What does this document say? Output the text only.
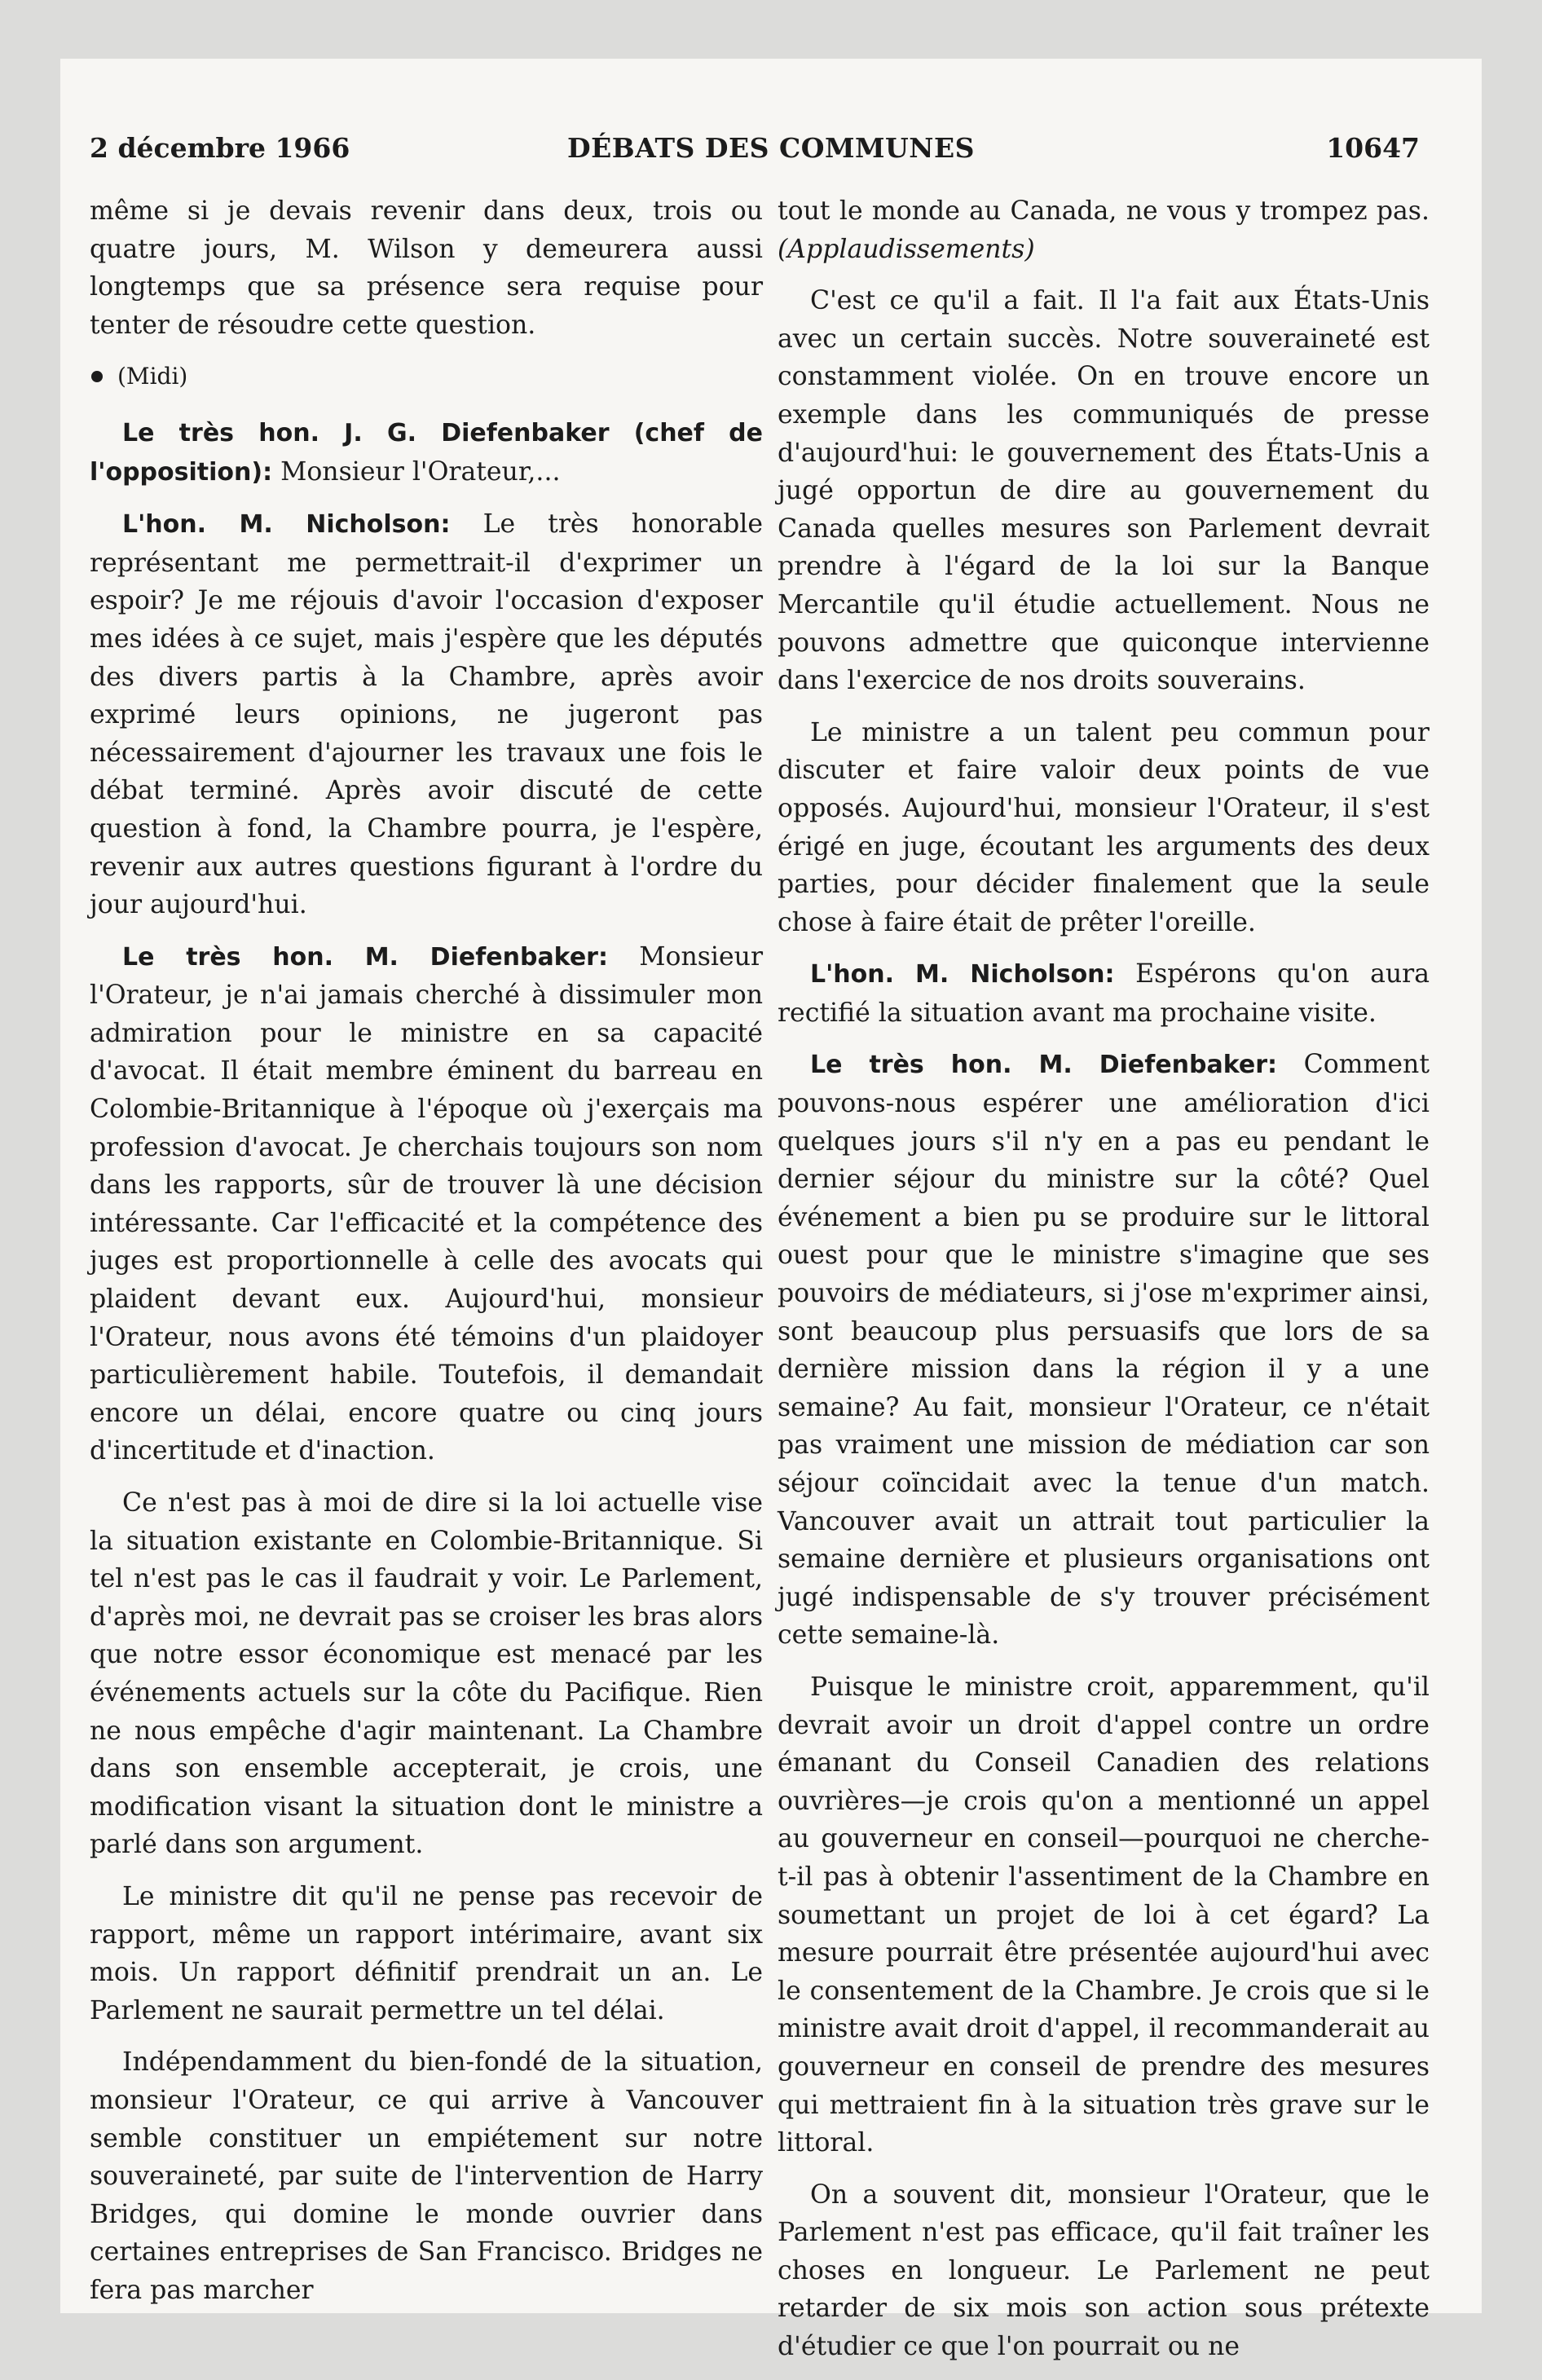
DÉBATS DES COMMUNES
2 décembre 1966	10647

même si je devais revenir dans deux, trois ou quatre jours, M. Wilson y demeurera aussi longtemps que sa présence sera requise pour tenter de résoudre cette question.

(Midi)

Le très hon. J. G. Diefenbaker (chef de l'opposition): Monsieur l'Orateur,...

L'hon. M. Nicholson: Le très honorable représentant me permettrait-il d'exprimer un espoir? Je me réjouis d'avoir l'occasion d'exposer mes idées à ce sujet, mais j'espère que les députés des divers partis à la Chambre, après avoir exprimé leurs opinions, ne jugeront pas nécessairement d'ajourner les travaux une fois le débat terminé. Après avoir discuté de cette question à fond, la Chambre pourra, je l'espère, revenir aux autres questions figurant à l'ordre du jour aujourd'hui.

Le très hon. M. Diefenbaker: Monsieur l'Orateur, je n'ai jamais cherché à dissimuler mon admiration pour le ministre en sa capacité d'avocat. Il était membre éminent du barreau en Colombie-Britannique à l'époque où j'exerçais ma profession d'avocat. Je cherchais toujours son nom dans les rapports, sûr de trouver là une décision intéressante. Car l'efficacité et la compétence des juges est proportionnelle à celle des avocats qui plaident devant eux. Aujourd'hui, monsieur l'Orateur, nous avons été témoins d'un plaidoyer particulièrement habile. Toutefois, il demandait encore un délai, encore quatre ou cinq jours d'incertitude et d'inaction.

Ce n'est pas à moi de dire si la loi actuelle vise la situation existante en Colombie-Britannique. Si tel n'est pas le cas il faudrait y voir. Le Parlement, d'après moi, ne devrait pas se croiser les bras alors que notre essor économique est menacé par les événements actuels sur la côte du Pacifique. Rien ne nous empêche d'agir maintenant. La Chambre dans son ensemble accepterait, je crois, une modification visant la situation dont le ministre a parlé dans son argument.

Le ministre dit qu'il ne pense pas recevoir de rapport, même un rapport intérimaire, avant six mois. Un rapport définitif prendrait un an. Le Parlement ne saurait permettre un tel délai.

Indépendamment du bien-fondé de la situation, monsieur l'Orateur, ce qui arrive à Vancouver semble constituer un empiétement sur notre souveraineté, par suite de l'intervention de Harry Bridges, qui domine le monde ouvrier dans certaines entreprises de San Francisco. Bridges ne fera pas marcher

tout le monde au Canada, ne vous y trompez pas. (Applaudissements)

C'est ce qu'il a fait. Il l'a fait aux États-Unis avec un certain succès. Notre souveraineté est constamment violée. On en trouve encore un exemple dans les communiqués de presse d'aujourd'hui: le gouvernement des États-Unis a jugé opportun de dire au gouvernement du Canada quelles mesures son Parlement devrait prendre à l'égard de la loi sur la Banque Mercantile qu'il étudie actuellement. Nous ne pouvons admettre que quiconque intervienne dans l'exercice de nos droits souverains.

Le ministre a un talent peu commun pour discuter et faire valoir deux points de vue opposés. Aujourd'hui, monsieur l'Orateur, il s'est érigé en juge, écoutant les arguments des deux parties, pour décider finalement que la seule chose à faire était de prêter l'oreille.

L'hon. M. Nicholson: Espérons qu'on aura rectifié la situation avant ma prochaine visite.

Le très hon. M. Diefenbaker: Comment pouvons-nous espérer une amélioration d'ici quelques jours s'il n'y en a pas eu pendant le dernier séjour du ministre sur la côté? Quel événement a bien pu se produire sur le littoral ouest pour que le ministre s'imagine que ses pouvoirs de médiateurs, si j'ose m'exprimer ainsi, sont beaucoup plus persuasifs que lors de sa dernière mission dans la région il y a une semaine? Au fait, monsieur l'Orateur, ce n'était pas vraiment une mission de médiation car son séjour coïncidait avec la tenue d'un match. Vancouver avait un attrait tout particulier la semaine dernière et plusieurs organisations ont jugé indispensable de s'y trouver précisément cette semaine-là.

Puisque le ministre croit, apparemment, qu'il devrait avoir un droit d'appel contre un ordre émanant du Conseil Canadien des relations ouvrières—je crois qu'on a mentionné un appel au gouverneur en conseil—pourquoi ne cherche-t-il pas à obtenir l'assentiment de la Chambre en soumettant un projet de loi à cet égard? La mesure pourrait être présentée aujourd'hui avec le consentement de la Chambre. Je crois que si le ministre avait droit d'appel, il recommanderait au gouverneur en conseil de prendre des mesures qui mettraient fin à la situation très grave sur le littoral.

On a souvent dit, monsieur l'Orateur, que le Parlement n'est pas efficace, qu'il fait traîner les choses en longueur. Le Parlement ne peut retarder de six mois son action sous prétexte d'étudier ce que l'on pourrait ou ne
